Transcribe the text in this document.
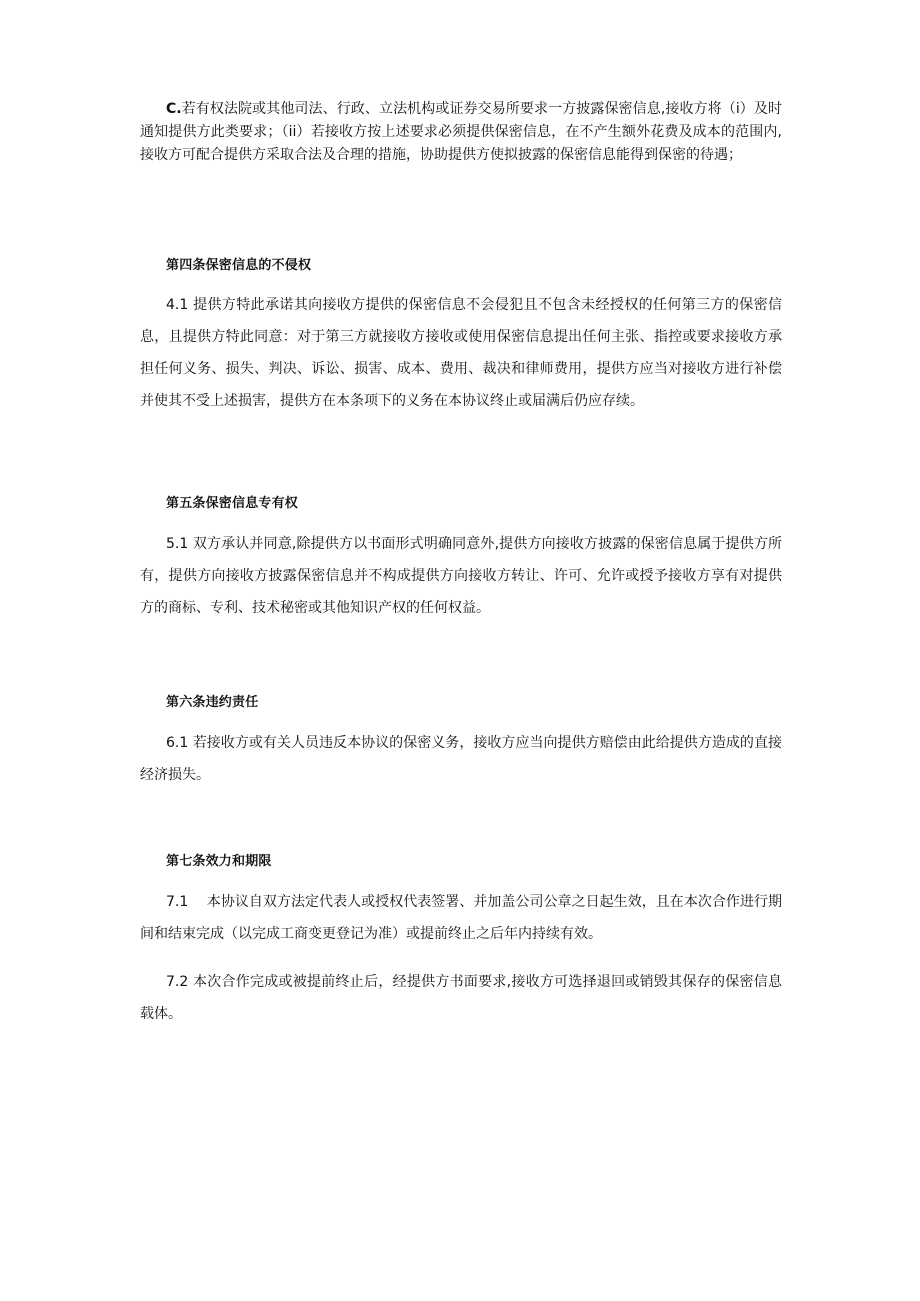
C.若有权法院或其他司法、行政、立法机构或证券交易所要求一方披露保密信息,接收方将（i）及时通知提供方此类要求；（ii）若接收方按上述要求必须提供保密信息，在不产生额外花费及成本的范围内,接收方可配合提供方采取合法及合理的措施，协助提供方使拟披露的保密信息能得到保密的待遇；

第四条保密信息的不侵权

4.1 提供方特此承诺其向接收方提供的保密信息不会侵犯且不包含未经授权的任何第三方的保密信息，且提供方特此同意：对于第三方就接收方接收或使用保密信息提出任何主张、指控或要求接收方承担任何义务、损失、判决、诉讼、损害、成本、费用、裁决和律师费用，提供方应当对接收方进行补偿并使其不受上述损害，提供方在本条项下的义务在本协议终止或届满后仍应存续。

第五条保密信息专有权

5.1 双方承认并同意,除提供方以书面形式明确同意外,提供方向接收方披露的保密信息属于提供方所有，提供方向接收方披露保密信息并不构成提供方向接收方转让、许可、允许或授予接收方享有对提供方的商标、专利、技术秘密或其他知识产权的任何权益。

第六条违约责任

6.1 若接收方或有关人员违反本协议的保密义务，接收方应当向提供方赔偿由此给提供方造成的直接经济损失。

第七条效力和期限

7.1　 本协议自双方法定代表人或授权代表签署、并加盖公司公章之日起生效，且在本次合作进行期间和结束完成（以完成工商变更登记为准）或提前终止之后年内持续有效。

7.2 本次合作完成或被提前终止后，经提供方书面要求,接收方可选择退回或销毁其保存的保密信息载体。
